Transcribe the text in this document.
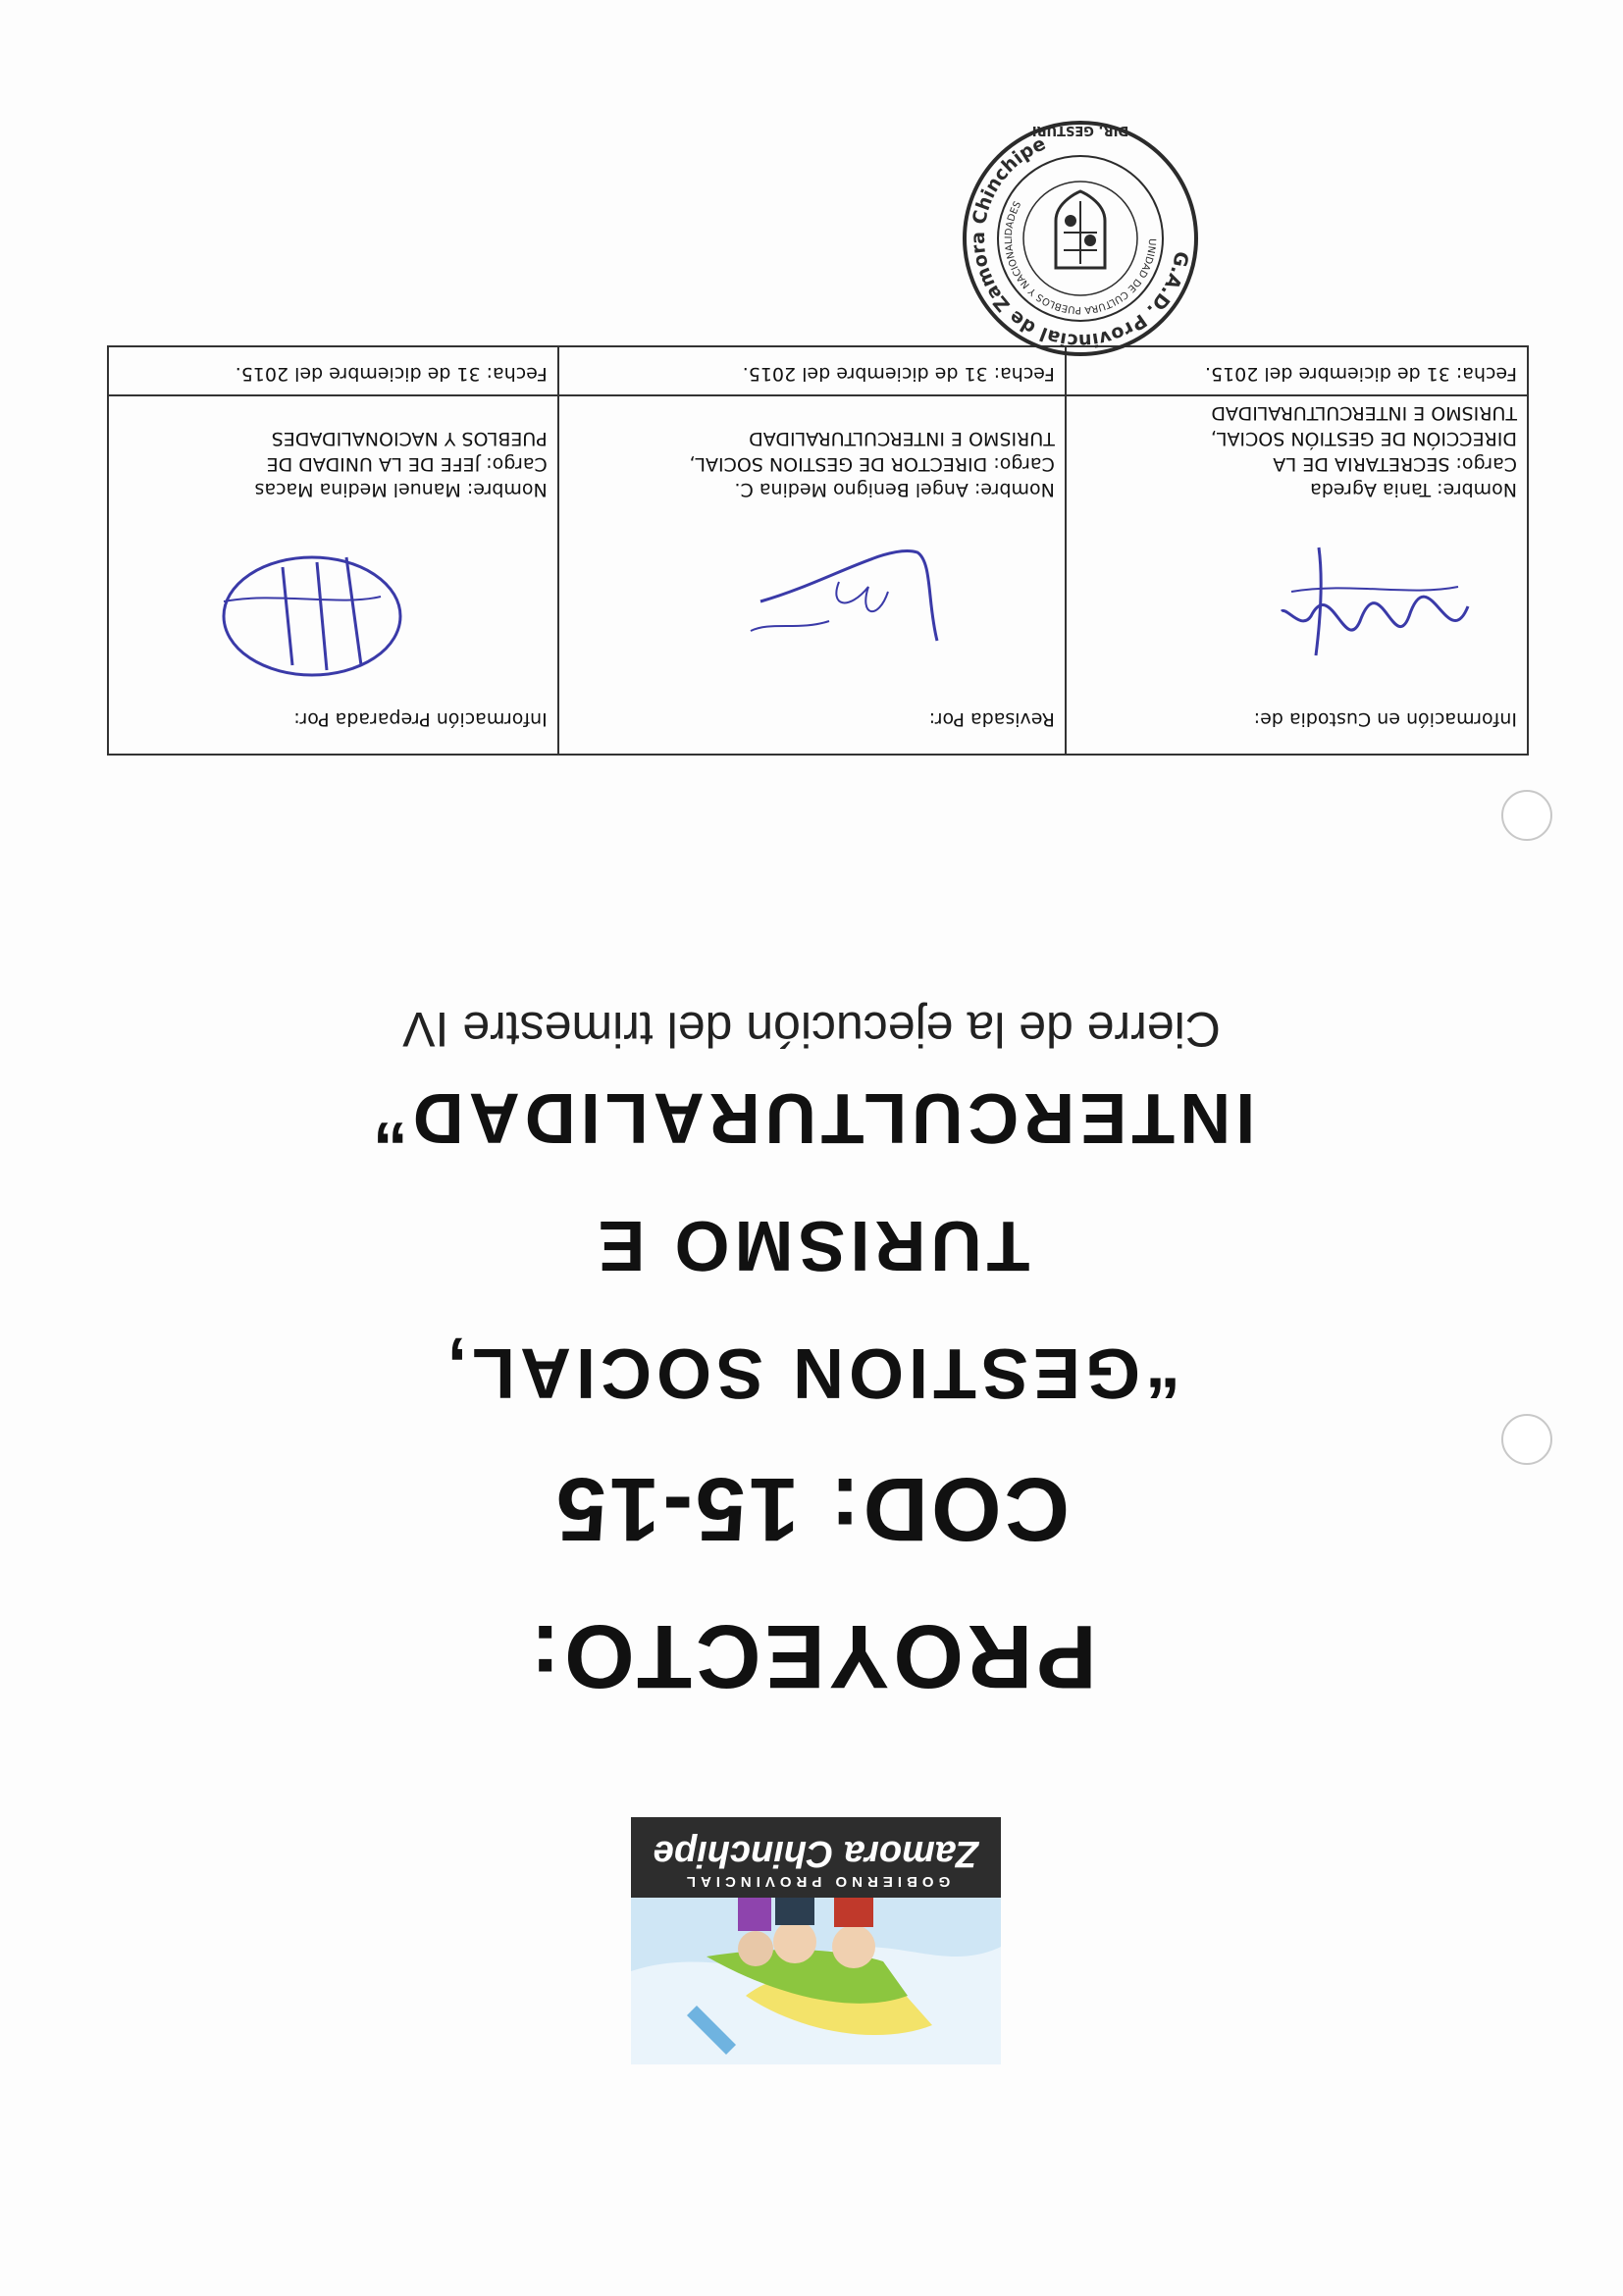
GOBIERNO PROVINCIAL
Zamora Chinchipe
PROYECTO:
COD: 15-15
“GESTION SOCIAL,
TURISMO E
INTERCULTURALIDAD”
Cierre de la ejecución del trimestre IV
Información en Custodia de:
Nombre: Tania Agreda
Cargo: SECRETARIA DE LA
DIRECCIÓN DE GESTIÓN SOCIAL,
TURISMO E INTERCULTURALIDAD
Fecha: 31 de diciembre del 2015.
Revisada Por:
Nombre: Angel Benigno Medina C.
Cargo: DIRECTOR DE GESTION SOCIAL,
TURISMO E INTERCULTURALIDAD
Fecha: 31 de diciembre del 2015.
Información Preparada Por:
Nombre: Manuel Medina Macas
Cargo: JEFE DE LA UNIDAD DE
PUEBLOS Y NACIONALIDADES
Fecha: 31 de diciembre del 2015.
G.A.D. Provincial de Zamora Chinchipe
DIR. GESTURI
UNIDAD DE CULTURA PUEBLOS Y NACIONALIDADES
